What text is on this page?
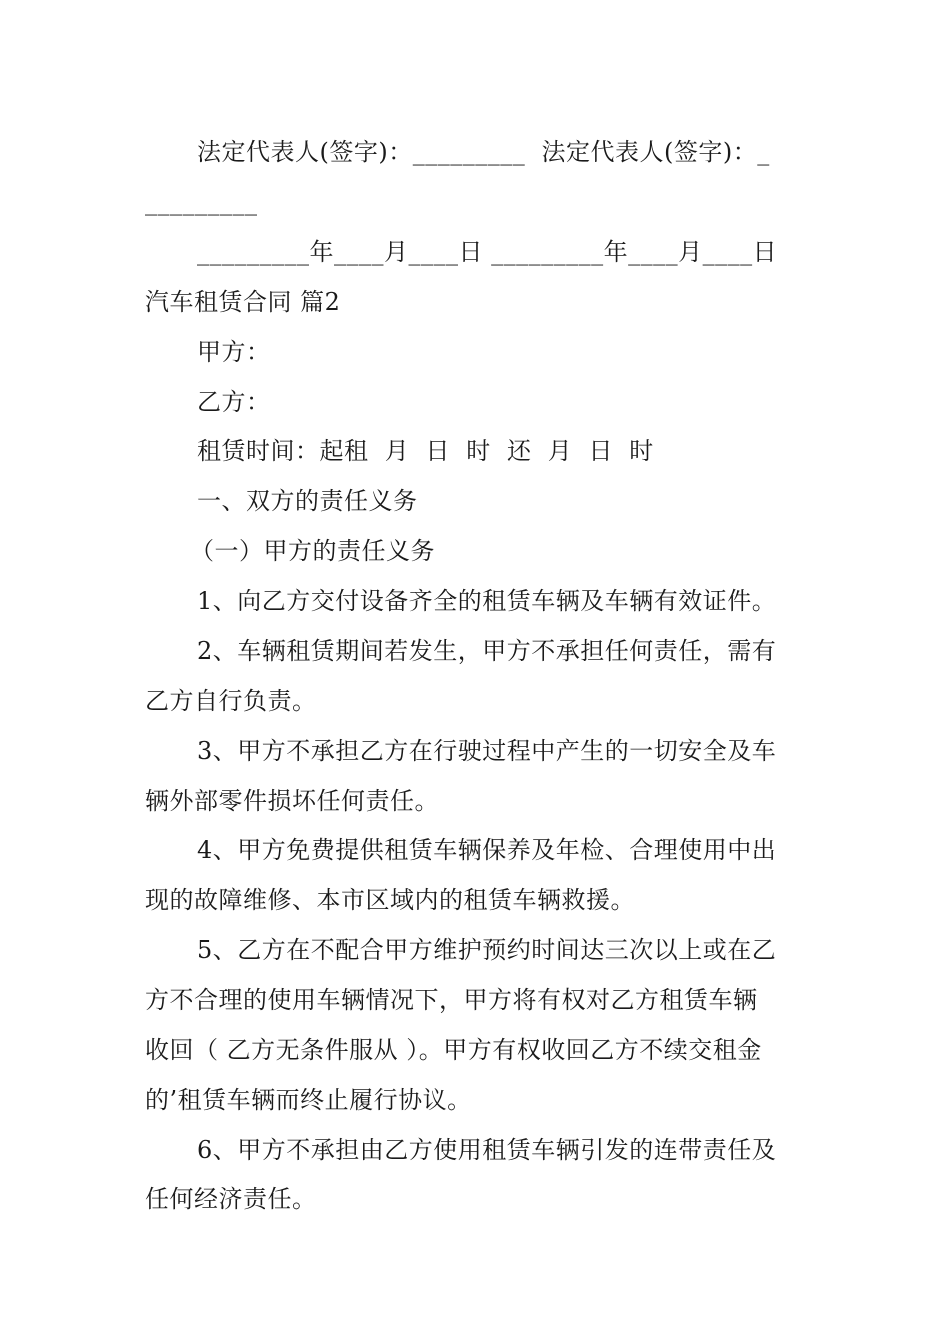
法定代表人(签字)：_________  法定代表人(签字)：_
_________
_________年____月____日 _________年____月____日
汽车租赁合同 篇2
甲方：
乙方：
租赁时间：起租  月  日  时  还  月  日  时
一、双方的责任义务
（一）甲方的责任义务
1、向乙方交付设备齐全的租赁车辆及车辆有效证件。
2、车辆租赁期间若发生，甲方不承担任何责任，需有
乙方自行负责。
3、甲方不承担乙方在行驶过程中产生的一切安全及车
辆外部零件损坏任何责任。
4、甲方免费提供租赁车辆保养及年检、合理使用中出
现的故障维修、本市区域内的租赁车辆救援。
5、乙方在不配合甲方维护预约时间达三次以上或在乙
方不合理的使用车辆情况下，甲方将有权对乙方租赁车辆
收回（ 乙方无条件服从 ）。甲方有权收回乙方不续交租金
的’租赁车辆而终止履行协议。
6、甲方不承担由乙方使用租赁车辆引发的连带责任及
任何经济责任。
